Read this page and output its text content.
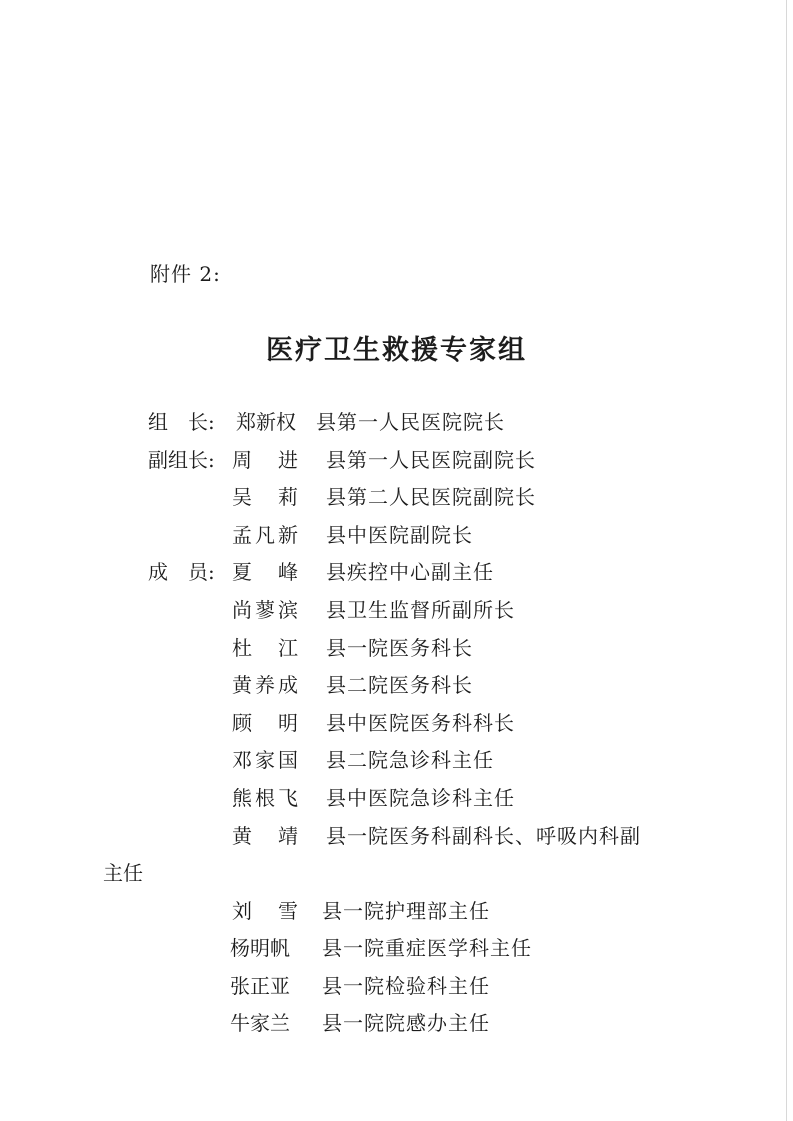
附件 2:
医疗卫生救援专家组
组　长: 郑新权 县第一人民医院院长
副组长: 周　进 县第一人民医院副院长
吴　莉 县第二人民医院副院长
孟凡新 县中医院副院长
成　员: 夏　峰 县疾控中心副主任
尚蓼滨 县卫生监督所副所长
杜　江 县一院医务科长
黄养成 县二院医务科长
顾　明 县中医院医务科科长
邓家国 县二院急诊科主任
熊根飞 县中医院急诊科主任
黄　靖 县一院医务科副科长、呼吸内科副
主任
刘　雪 县一院护理部主任
杨明帆 县一院重症医学科主任
张正亚 县一院检验科主任
牛家兰 县一院院感办主任
